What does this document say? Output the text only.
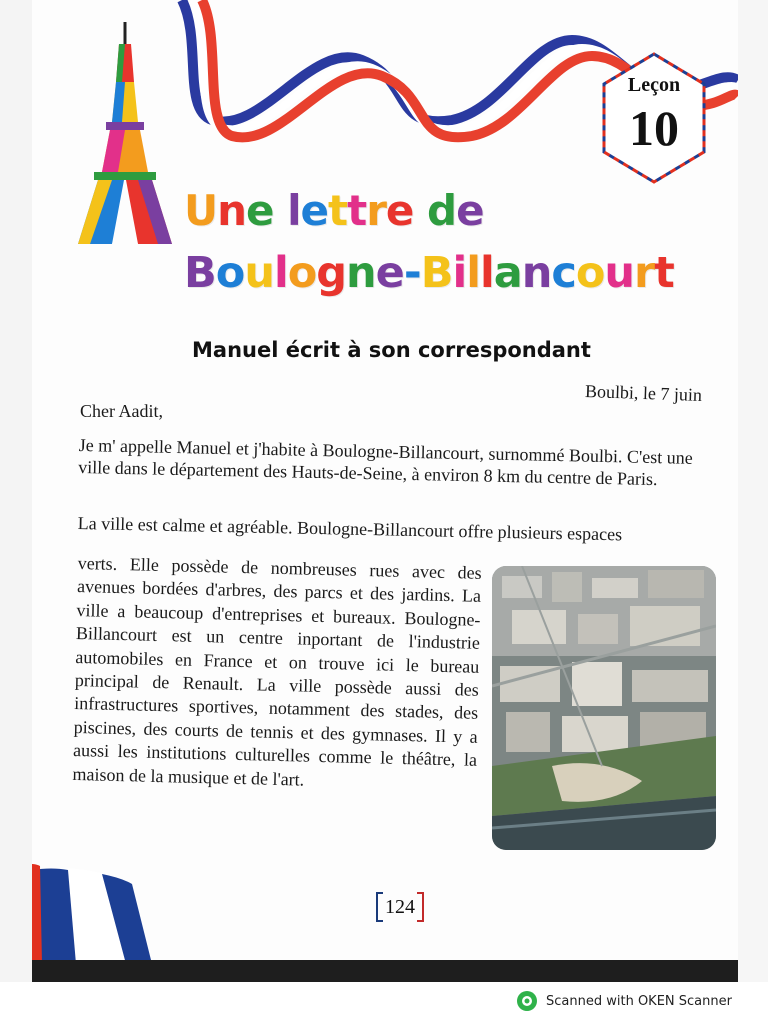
Leçon
10
Une lettre de
Boulogne-Billancourt
Manuel écrit à son correspondant
Boulbi, le 7 juin
Cher Aadit,
Je m' appelle Manuel et j'habite à Boulogne-Billancourt, surnommé Boulbi. C'est une ville dans le département des Hauts-de-Seine, à environ 8 km du centre de Paris.
La ville est calme et agréable. Boulogne-Billancourt offre plusieurs espaces
verts. Elle possède de nombreuses rues avec des avenues bordées d'arbres, des parcs et des jardins. La ville a beaucoup d'entreprises et bureaux. Boulogne-Billancourt est un centre inportant de l'industrie automobiles en France et on trouve ici le bureau principal de Renault. La ville possède aussi des infrastructures sportives, notamment des stades, des piscines, des courts de tennis et des gymnases. Il y a aussi les institutions culturelles comme le théâtre, la maison de la musique et de l'art.
124
Scanned with OKEN Scanner
